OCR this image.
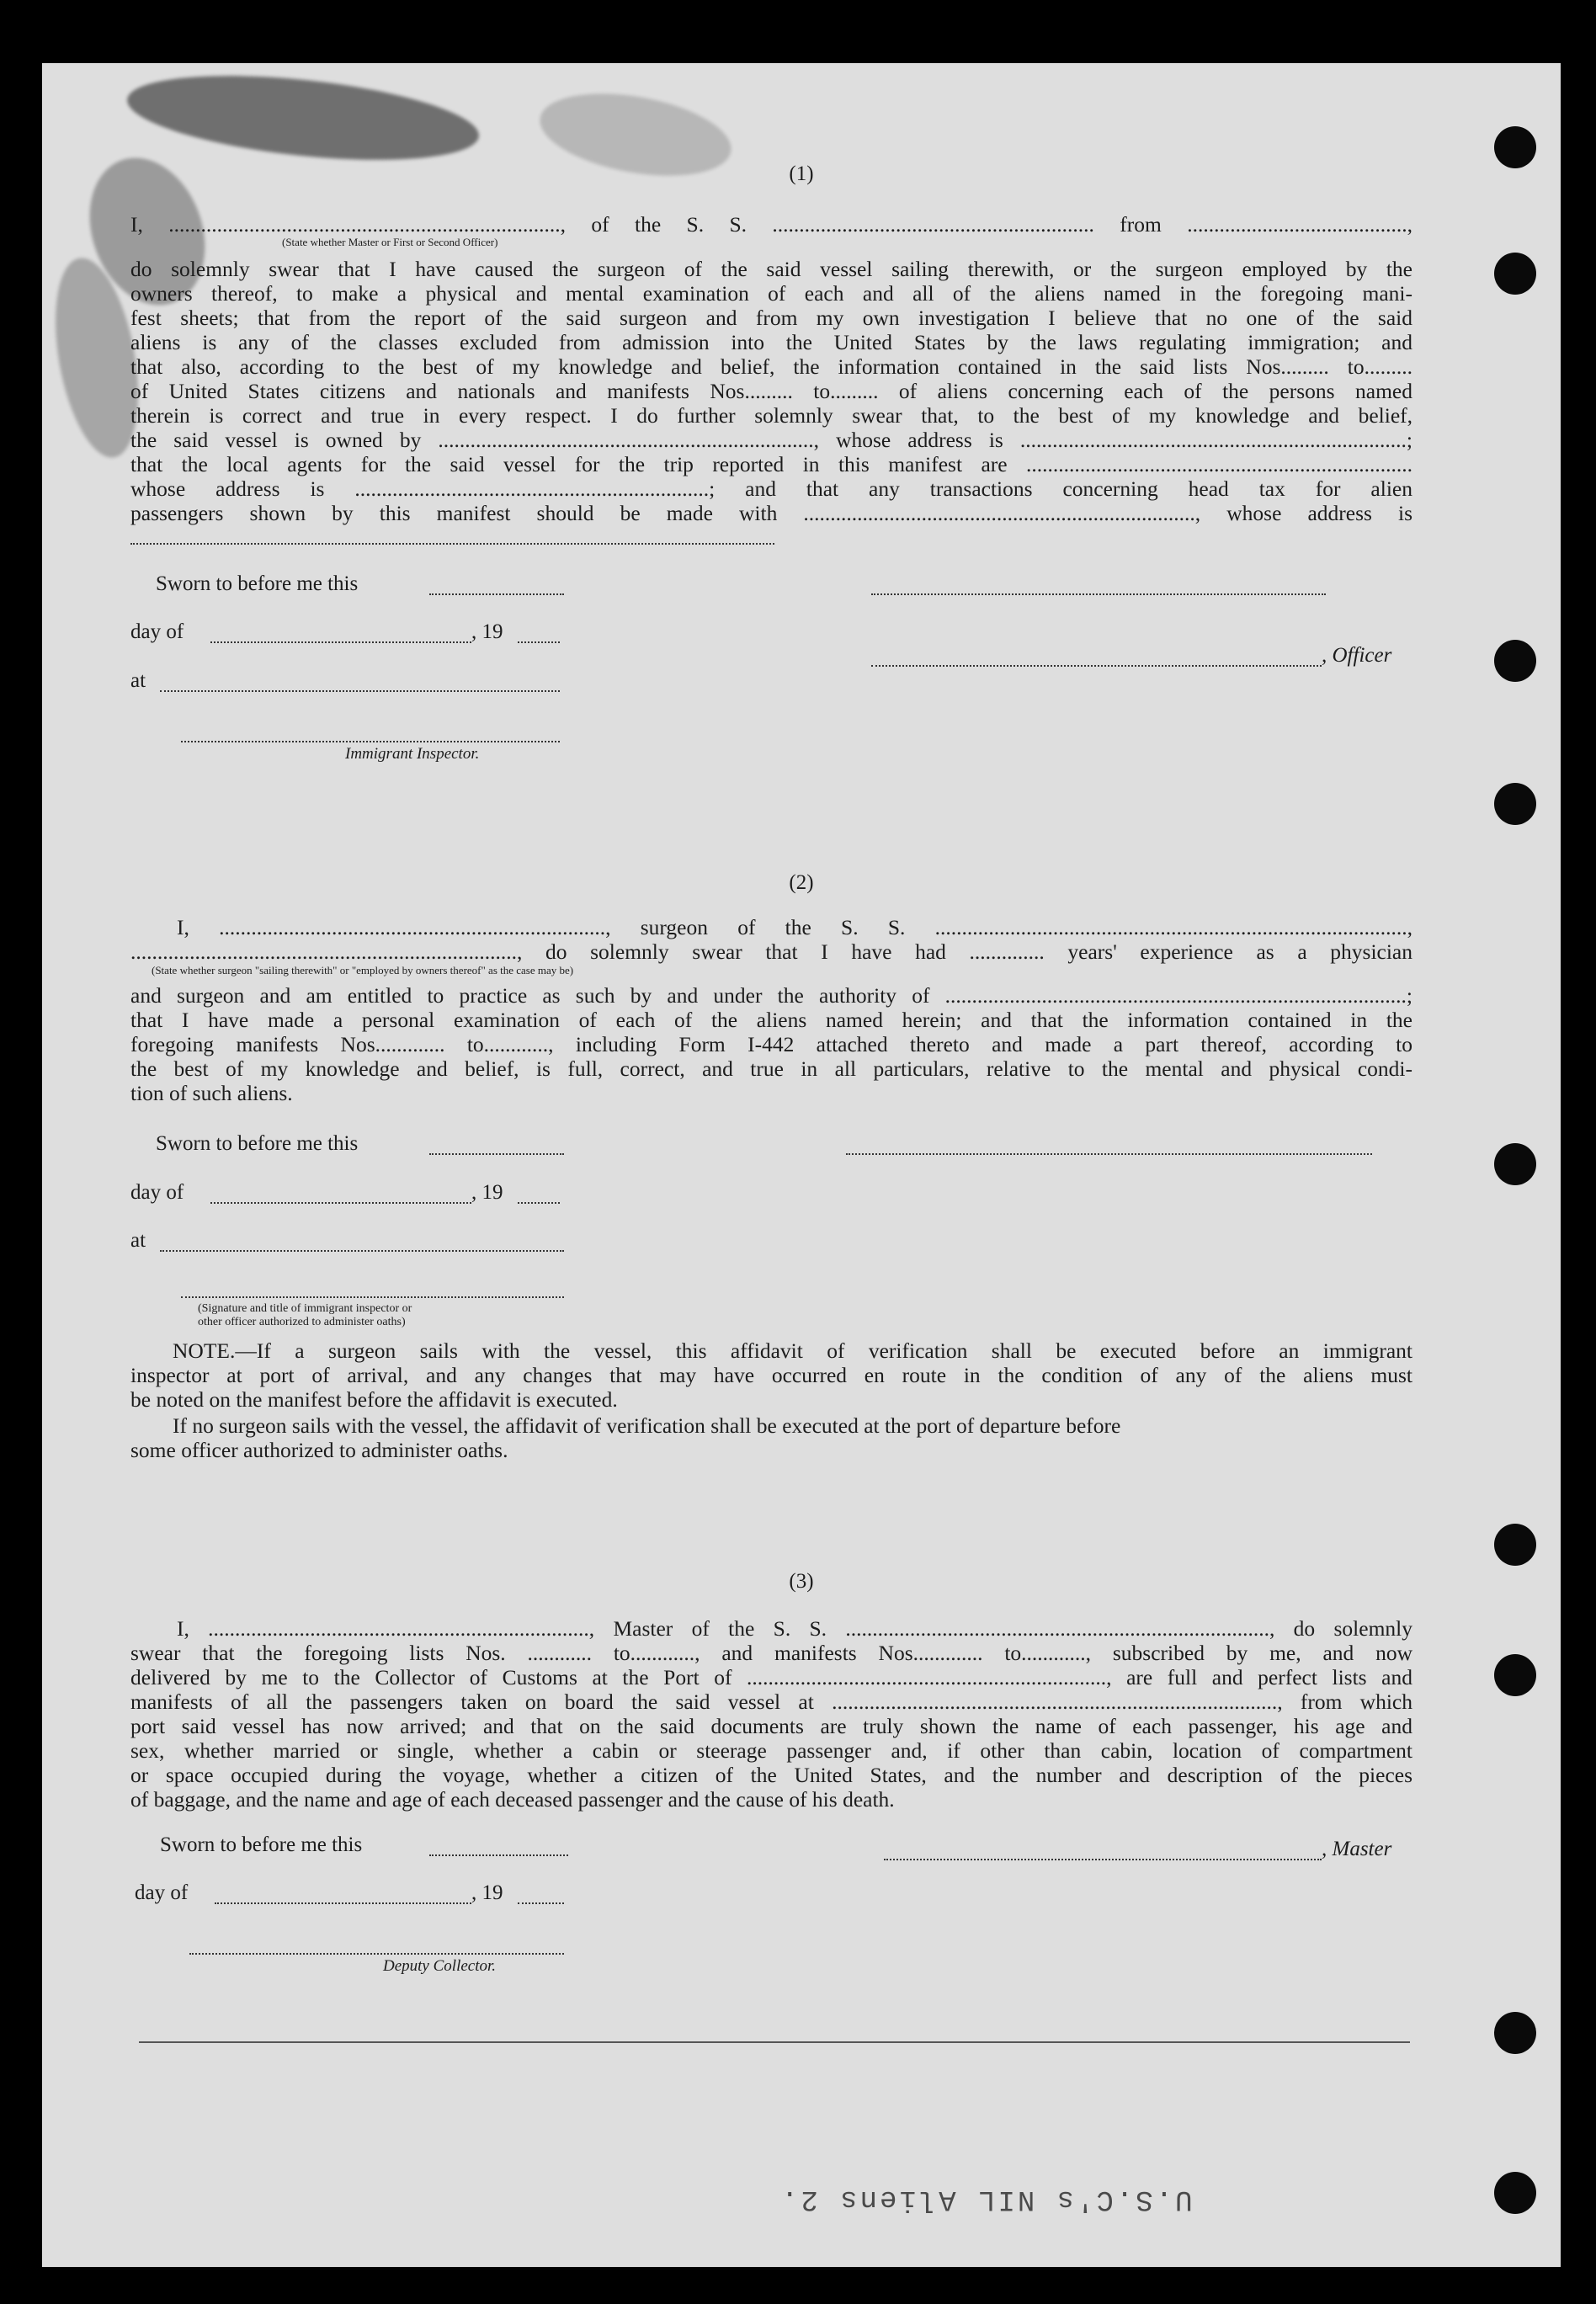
(1)
I, ........................................................................., of the S. S. ............................................................ from .........................................,
(State whether Master or First or Second Officer)
do solemnly swear that I have caused the surgeon of the said vessel sailing therewith, or the surgeon employed by the
owners thereof, to make a physical and mental examination of each and all of the aliens named in the foregoing mani-
fest sheets; that from the report of the said surgeon and from my own investigation I believe that no one of the said
aliens is any of the classes excluded from admission into the United States by the laws regulating immigration; and
that also, according to the best of my knowledge and belief, the information contained in the said lists Nos......... to.........
of United States citizens and nationals and manifests Nos......... to......... of aliens concerning each of the persons named
therein is correct and true in every respect. I do further solemnly swear that, to the best of my knowledge and belief,
the said vessel is owned by ......................................................................, whose address is ........................................................................;
that the local agents for the said vessel for the trip reported in this manifest are ........................................................................
whose address is ..................................................................; and that any transactions concerning head tax for alien
passengers shown by this manifest should be made with ........................................................................., whose address is
Sworn to before me this
day of	, 19
, Officer
at
Immigrant Inspector.
(2)
I, ........................................................................, surgeon of the S. S. ........................................................................................,
........................................................................, do solemnly swear that I have had .............. years' experience as a physician
(State whether surgeon "sailing therewith" or "employed by owners thereof" as the case may be)
and surgeon and am entitled to practice as such by and under the authority of ......................................................................................;
that I have made a personal examination of each of the aliens named herein; and that the information contained in the
foregoing manifests Nos............. to............, including Form I-442 attached thereto and made a part thereof, according to
the best of my knowledge and belief, is full, correct, and true in all particulars, relative to the mental and physical condi-
tion of such aliens.
Sworn to before me this
day of	, 19
at
(Signature and title of immigrant inspector or
other officer authorized to administer oaths)
NOTE.—If a surgeon sails with the vessel, this affidavit of verification shall be executed before an immigrant
inspector at port of arrival, and any changes that may have occurred en route in the condition of any of the aliens must
be noted on the manifest before the affidavit is executed.
If no surgeon sails with the vessel, the affidavit of verification shall be executed at the port of departure before
some officer authorized to administer oaths.
(3)
I, ......................................................................., Master of the S. S. ..............................................................................., do solemnly
swear that the foregoing lists Nos. ............ to............, and manifests Nos............. to............, subscribed by me, and now
delivered by me to the Collector of Customs at the Port of ..................................................................., are full and perfect lists and
manifests of all the passengers taken on board the said vessel at ..................................................................................., from which
port said vessel has now arrived; and that on the said documents are truly shown the name of each passenger, his age and
sex, whether married or single, whether a cabin or steerage passenger and, if other than cabin, location of compartment
or space occupied during the voyage, whether a citizen of the United States, and the number and description of the pieces
of baggage, and the name and age of each deceased passenger and the cause of his death.
Sworn to before me this	, Master
day of	, 19
Deputy Collector.
U.S.C's NIL Aliens 2.
